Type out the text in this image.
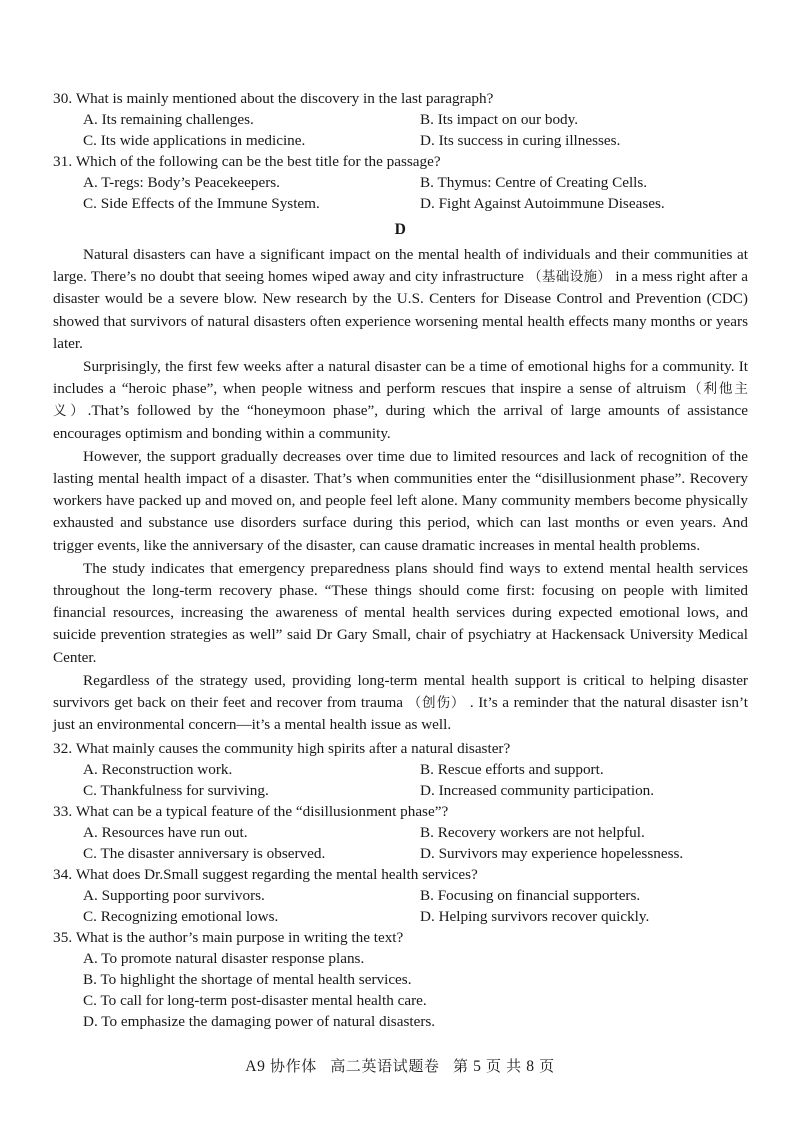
30. What is mainly mentioned about the discovery in the last paragraph?
A. Its remaining challenges.	B. Its impact on our body.
C. Its wide applications in medicine.	D. Its success in curing illnesses.
31. Which of the following can be the best title for the passage?
A. T-regs: Body’s Peacekeepers.	B. Thymus: Centre of Creating Cells.
C. Side Effects of the Immune System.	D. Fight Against Autoimmune Diseases.
D

Natural disasters can have a significant impact on the mental health of individuals and their communities at large. There’s no doubt that seeing homes wiped away and city infrastructure （基础设施） in a mess right after a disaster would be a severe blow. New research by the U.S. Centers for Disease Control and Prevention (CDC) showed that survivors of natural disasters often experience worsening mental health effects many months or years later.

Surprisingly, the first few weeks after a natural disaster can be a time of emotional highs for a community. It includes a “heroic phase”, when people witness and perform rescues that inspire a sense of altruism（利他主义）.That’s followed by the “honeymoon phase”, during which the arrival of large amounts of assistance encourages optimism and bonding within a community.

However, the support gradually decreases over time due to limited resources and lack of recognition of the lasting mental health impact of a disaster. That’s when communities enter the “disillusionment phase”. Recovery workers have packed up and moved on, and people feel left alone. Many community members become physically exhausted and substance use disorders surface during this period, which can last months or even years. And trigger events, like the anniversary of the disaster, can cause dramatic increases in mental health problems.

The study indicates that emergency preparedness plans should find ways to extend mental health services throughout the long-term recovery phase. “These things should come first: focusing on people with limited financial resources, increasing the awareness of mental health services during expected emotional lows, and suicide prevention strategies as well” said Dr Gary Small, chair of psychiatry at Hackensack University Medical Center.

Regardless of the strategy used, providing long-term mental health support is critical to helping disaster survivors get back on their feet and recover from trauma （创伤） . It’s a reminder that the natural disaster isn’t just an environmental concern—it’s a mental health issue as well.

32. What mainly causes the community high spirits after a natural disaster?
A. Reconstruction work.	B. Rescue efforts and support.
C. Thankfulness for surviving.	D. Increased community participation.
33. What can be a typical feature of the “disillusionment phase”?
A. Resources have run out.	B. Recovery workers are not helpful.
C. The disaster anniversary is observed.	D. Survivors may experience hopelessness.
34. What does Dr.Small suggest regarding the mental health services?
A. Supporting poor survivors.	B. Focusing on financial supporters.
C. Recognizing emotional lows.	D. Helping survivors recover quickly.
35. What is the author’s main purpose in writing the text?
A. To promote natural disaster response plans.
B. To highlight the shortage of mental health services.
C. To call for long-term post-disaster mental health care.
D. To emphasize the damaging power of natural disasters.
A9 协作体 高二英语试题卷 第 5 页 共 8 页
